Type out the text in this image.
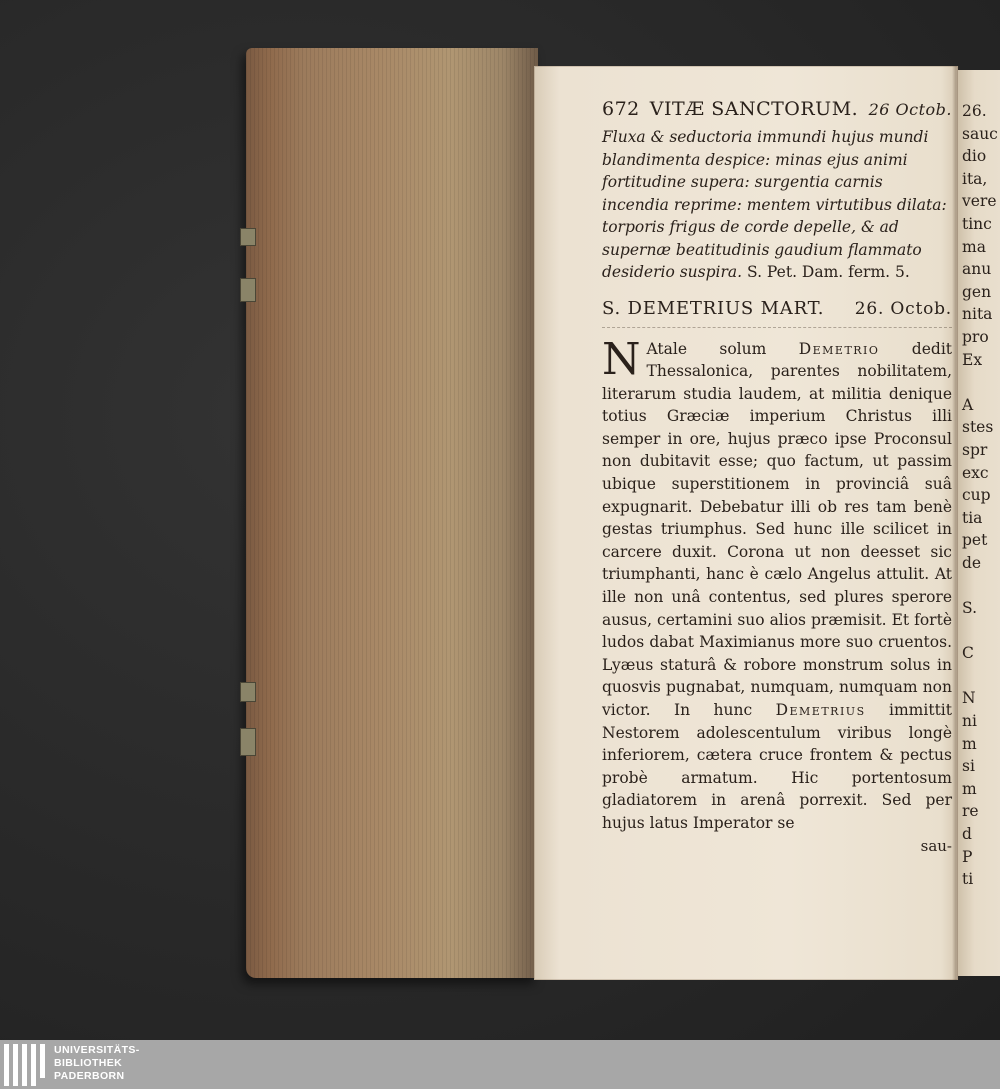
26.
sauc
dio
ita,
vere
tinc
ma
anu
gen
nita
pro
Ex
A
stes
spr
exc
cup
tia
pet
de
S.
C
N
ni
m
si
m
re
d
P
ti
672 VITÆ SANCTORUM. 26 Octob.

Fluxa & seductoria immundi hujus mundi blandimenta despice: minas ejus animi fortitudine supera: surgentia carnis incendia reprime: mentem virtutibus dilata: torporis frigus de corde depelle, & ad supernæ beatitudinis gaudium flammato desiderio suspira. S. Pet. Dam. ferm. 5.

S. DEMETRIUS MART. 26. Octob.

N Atale solum Demetrio dedit Thessalonica, parentes nobilitatem, literarum studia laudem, at militia denique totius Græciæ imperium Christus illi semper in ore, hujus præco ipse Proconsul non dubitavit esse; quo factum, ut passim ubique superstitionem in provinciâ suâ expugnarit. Debebatur illi ob res tam benè gestas triumphus. Sed hunc ille scilicet in carcere duxit. Corona ut non deesset sic triumphanti, hanc è cælo Angelus attulit. At ille non unâ contentus, sed plures sperore ausus, certamini suo alios præmisit. Et fortè ludos dabat Maximianus more suo cruentos. Lyæus staturâ & robore monstrum solus in quosvis pugnabat, numquam, numquam non victor. In hunc Demetrius immittit Nestorem adolescentulum viribus longè inferiorem, cætera cruce frontem & pectus probè armatum. Hic portentosum gladiatorem in arenâ porrexit. Sed per hujus latus Imperator se

sau-
UNIVERSITÄTS-
BIBLIOTHEK
PADERBORN
